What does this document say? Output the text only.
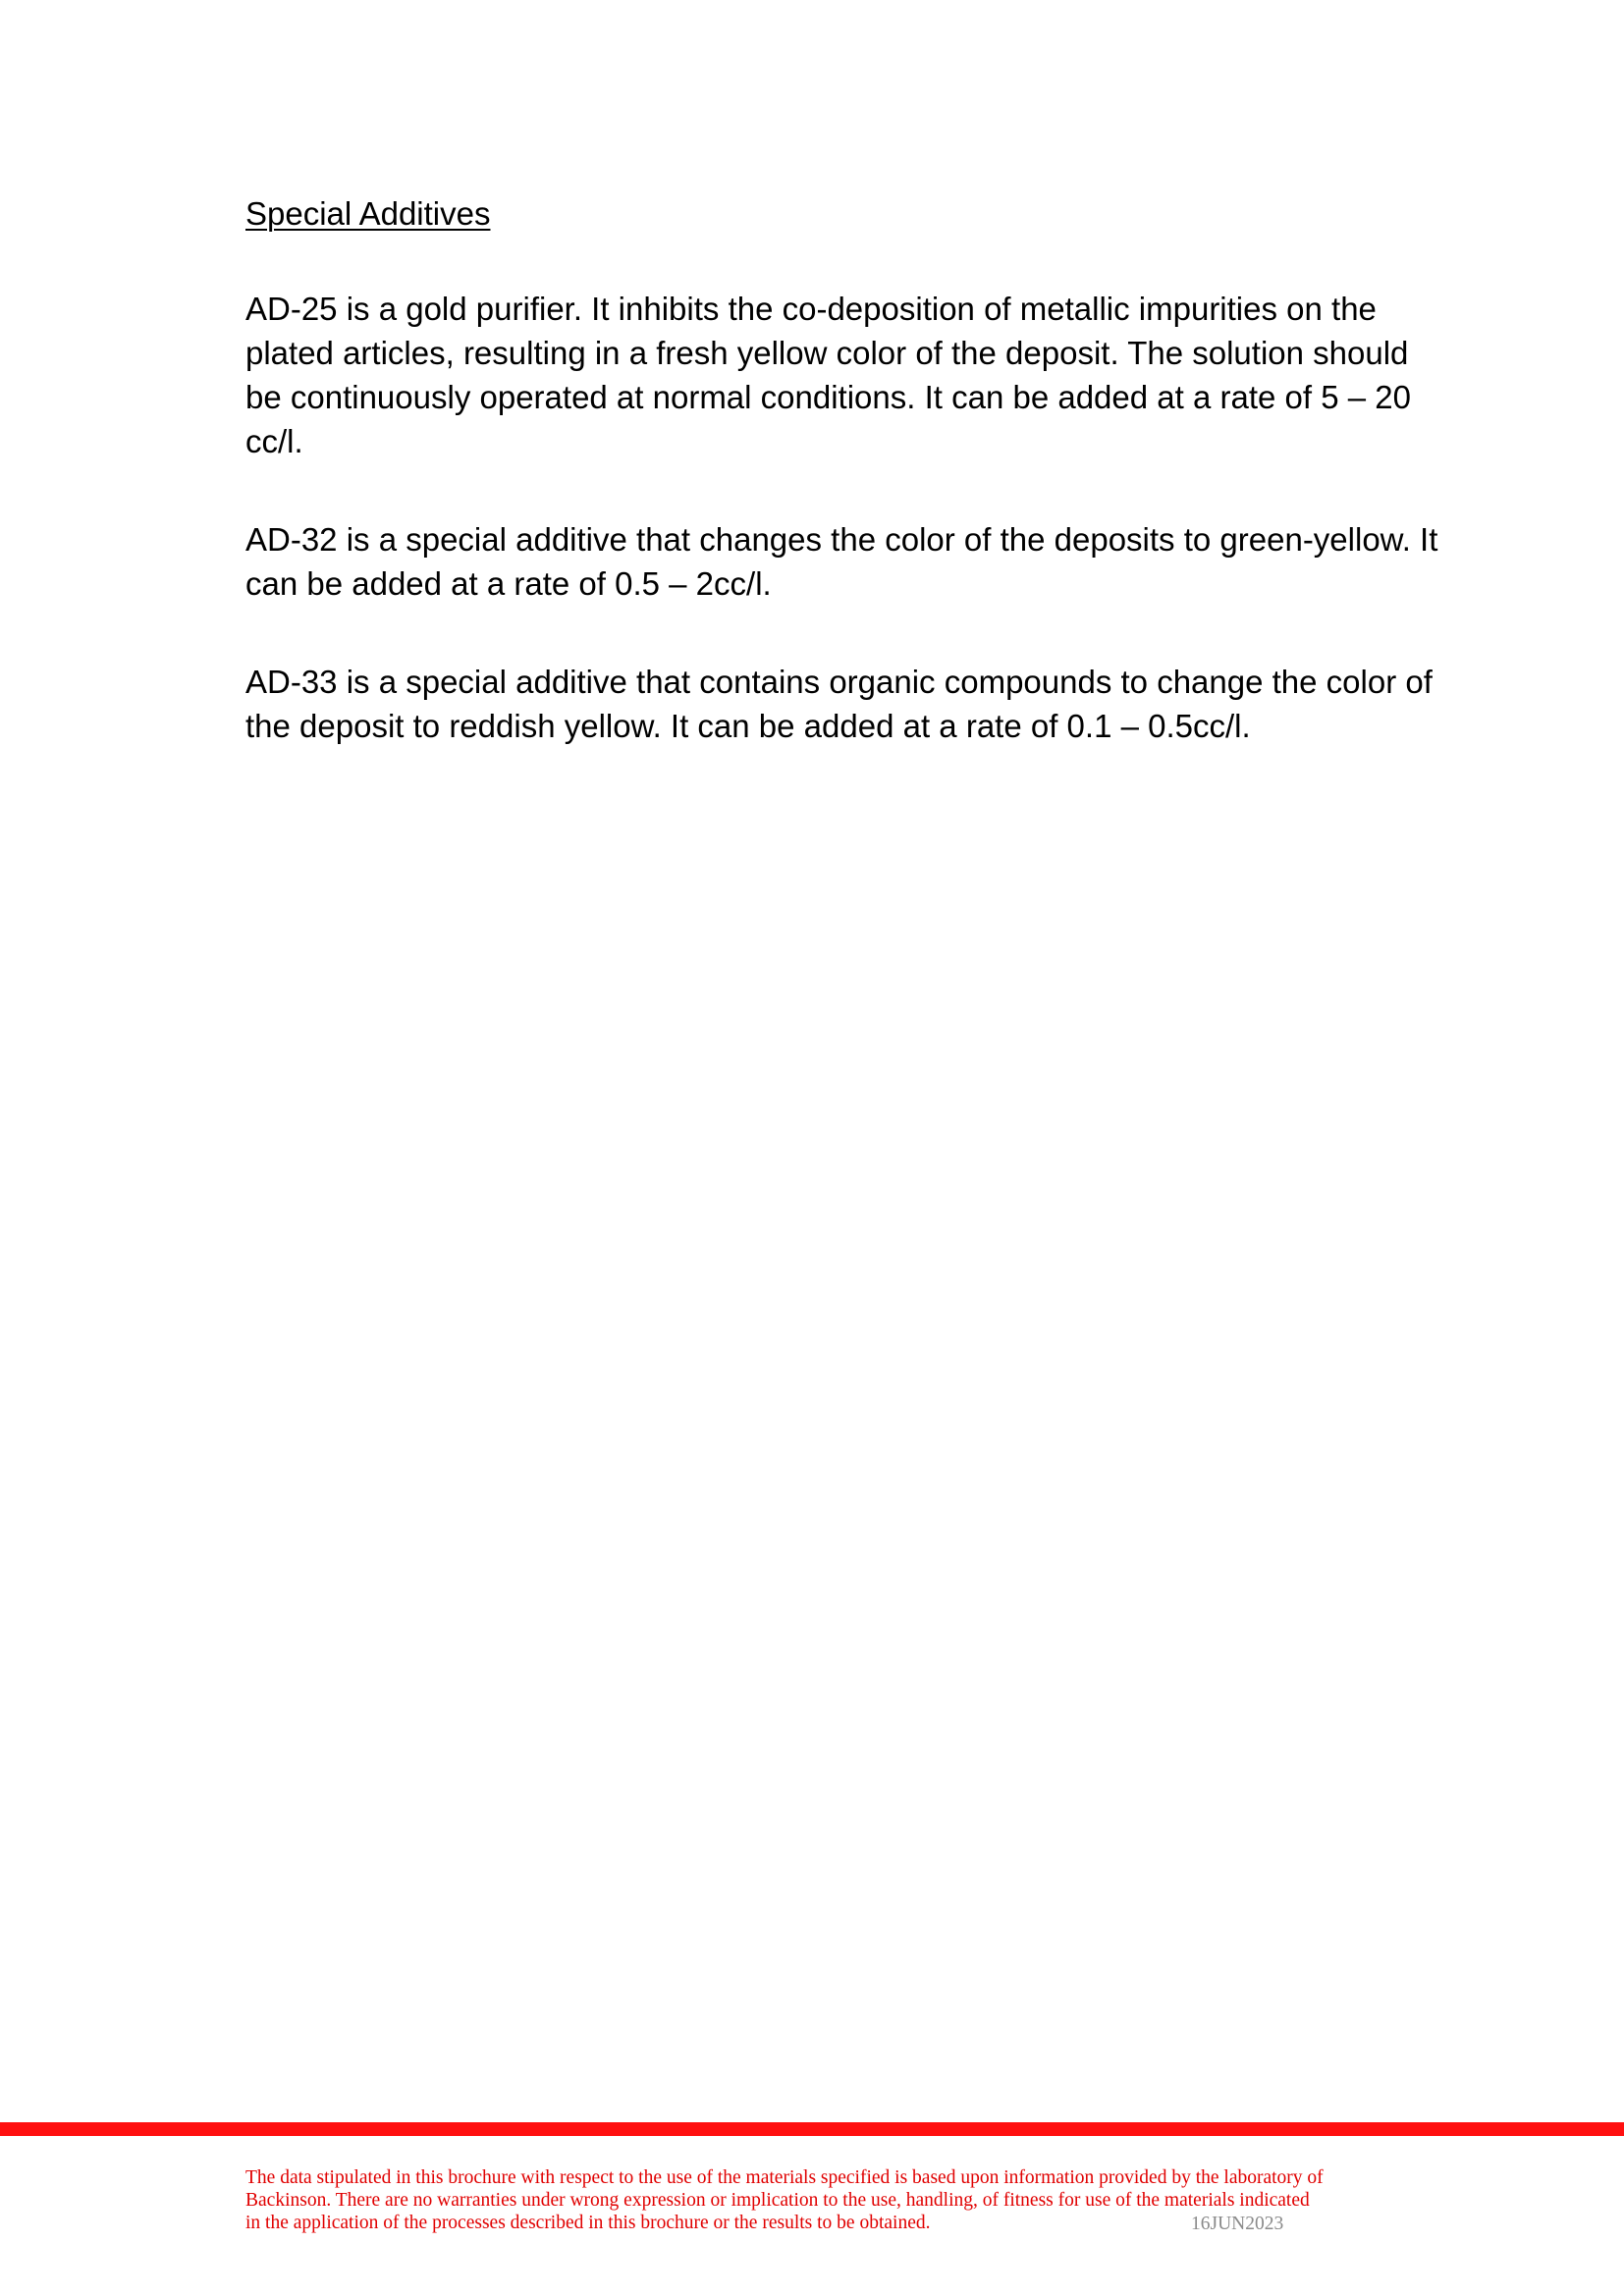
Special Additives

AD-25 is a gold purifier. It inhibits the co-deposition of metallic impurities on the plated articles, resulting in a fresh yellow color of the deposit. The solution should be continuously operated at normal conditions. It can be added at a rate of 5 – 20 cc/l.

AD-32 is a special additive that changes the color of the deposits to green-yellow. It can be added at a rate of 0.5 – 2cc/l.

AD-33 is a special additive that contains organic compounds to change the color of the deposit to reddish yellow. It can be added at a rate of 0.1 – 0.5cc/l.

The data stipulated in this brochure with respect to the use of the materials specified is based upon information provided by the laboratory of
Backinson. There are no warranties under wrong expression or implication to the use, handling, of fitness for use of the materials indicated
in the application of the processes described in this brochure or the results to be obtained.	16JUN2023
